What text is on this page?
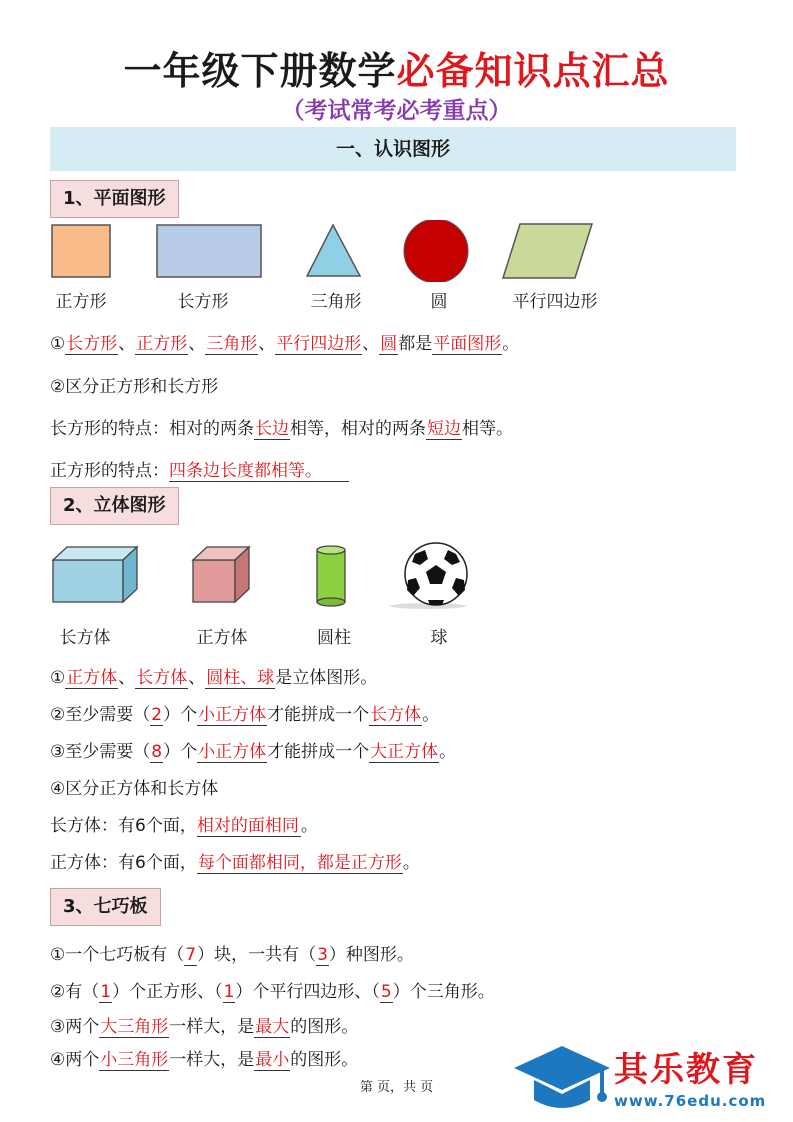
一年级下册数学必备知识点汇总
（考试常考必考重点）
一、认识图形
1、平面图形
正方形	长方形	三角形	圆	平行四边形
①长方形、正方形、三角形、平行四边形、圆都是平面图形。
②区分正方形和长方形
长方形的特点：相对的两条长边相等，相对的两条短边相等。
正方形的特点：四条边长度都相等。
2、立体图形
长方体	正方体	圆柱	球
①正方体、长方体、圆柱、球是立体图形。
②至少需要（2）个小正方体才能拼成一个长方体。
③至少需要（8）个小正方体才能拼成一个大正方体。
④区分正方体和长方体
长方体：有6个面，相对的面相同 。
正方体：有6个面，每个面都相同，都是正方形。
3、七巧板
①一个七巧板有（7）块，一共有（3）种图形。
②有（1）个正方形、（1）个平行四边形、（5）个三角形。
③两个大三角形一样大，是最大的图形。
④两个小三角形一样大，是最小的图形。
第 页，共 页	其乐教育
www.76edu.com
